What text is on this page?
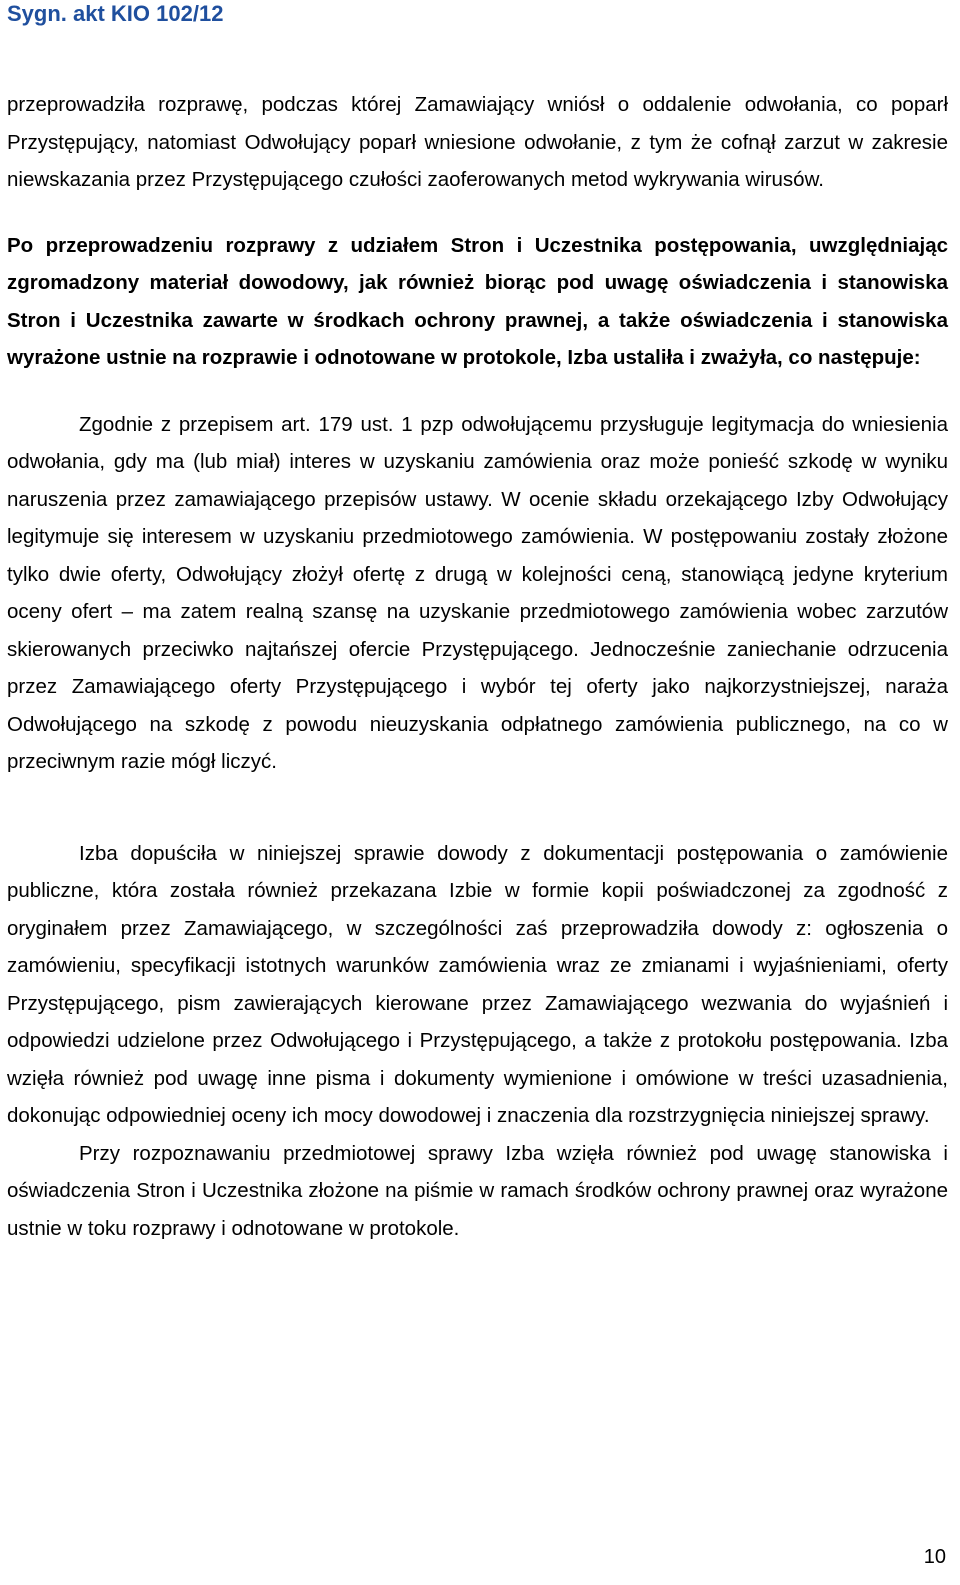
Sygn. akt KIO 102/12

przeprowadziła rozprawę, podczas której Zamawiający wniósł o oddalenie odwołania, co poparł Przystępujący, natomiast Odwołujący poparł wniesione odwołanie, z tym że cofnął zarzut w zakresie niewskazania przez Przystępującego czułości zaoferowanych metod wykrywania wirusów.

Po przeprowadzeniu rozprawy z udziałem Stron i Uczestnika postępowania, uwzględniając zgromadzony materiał dowodowy, jak również biorąc pod uwagę oświadczenia i stanowiska Stron i Uczestnika zawarte w środkach ochrony prawnej, a także oświadczenia i stanowiska wyrażone ustnie na rozprawie i odnotowane w protokole, Izba ustaliła i zważyła, co następuje:

Zgodnie z przepisem art. 179 ust. 1 pzp odwołującemu przysługuje legitymacja do wniesienia odwołania, gdy ma (lub miał) interes w uzyskaniu zamówienia oraz może ponieść szkodę w wyniku naruszenia przez zamawiającego przepisów ustawy. W ocenie składu orzekającego Izby Odwołujący legitymuje się interesem w uzyskaniu przedmiotowego zamówienia. W postępowaniu zostały złożone tylko dwie oferty, Odwołujący złożył ofertę z drugą w kolejności ceną, stanowiącą jedyne kryterium oceny ofert – ma zatem realną szansę na uzyskanie przedmiotowego zamówienia wobec zarzutów skierowanych przeciwko najtańszej ofercie Przystępującego. Jednocześnie zaniechanie odrzucenia przez Zamawiającego oferty Przystępującego i wybór tej oferty jako najkorzystniejszej, naraża Odwołującego na szkodę z powodu nieuzyskania odpłatnego zamówienia publicznego, na co w przeciwnym razie mógł liczyć.

Izba dopuściła w niniejszej sprawie dowody z dokumentacji postępowania o zamówienie publiczne, która została również przekazana Izbie w formie kopii poświadczonej za zgodność z oryginałem przez Zamawiającego, w szczególności zaś przeprowadziła dowody z: ogłoszenia o zamówieniu, specyfikacji istotnych warunków zamówienia wraz ze zmianami i wyjaśnieniami, oferty Przystępującego, pism zawierających kierowane przez Zamawiającego wezwania do wyjaśnień i odpowiedzi udzielone przez Odwołującego i Przystępującego, a także z protokołu postępowania. Izba wzięła również pod uwagę inne pisma i dokumenty wymienione i omówione w treści uzasadnienia, dokonując odpowiedniej oceny ich mocy dowodowej i znaczenia dla rozstrzygnięcia niniejszej sprawy.

Przy rozpoznawaniu przedmiotowej sprawy Izba wzięła również pod uwagę stanowiska i oświadczenia Stron i Uczestnika złożone na piśmie w ramach środków ochrony prawnej oraz wyrażone ustnie w toku rozprawy i odnotowane w protokole.

10
